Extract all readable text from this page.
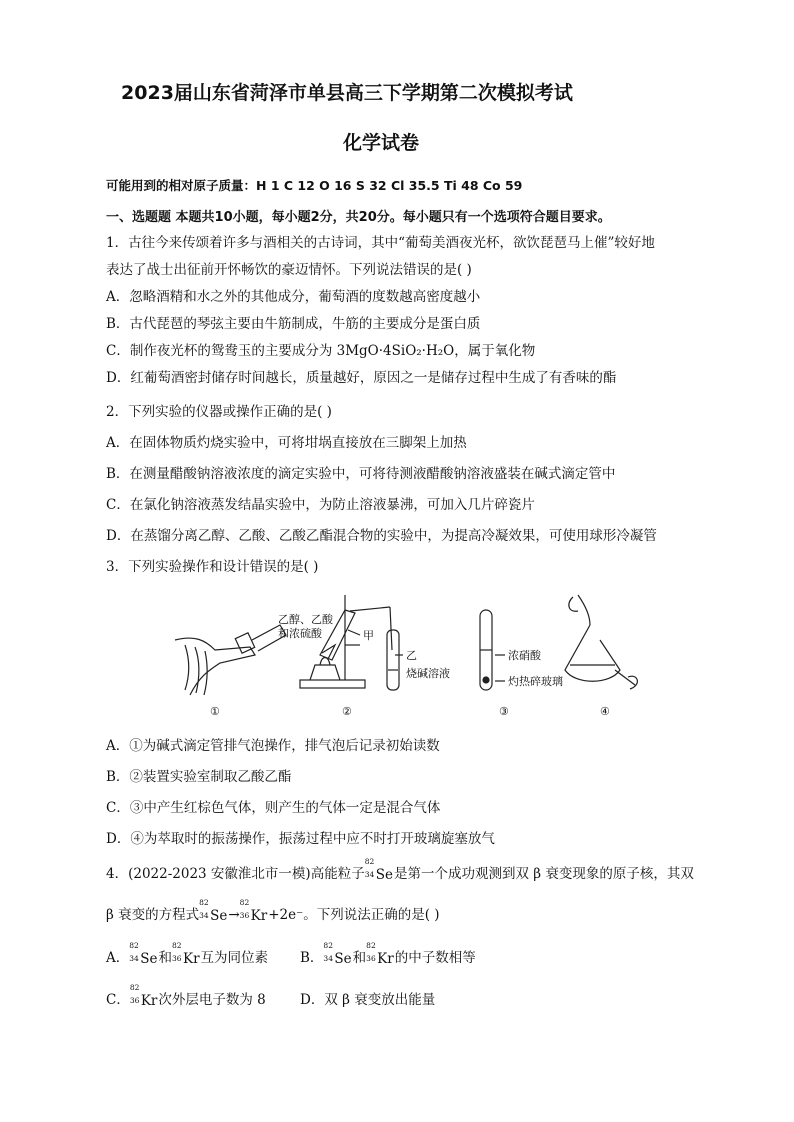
2023届山东省菏泽市单县高三下学期第二次模拟考试
化学试卷
可能用到的相对原子质量：H 1 C 12 O 16 S 32 Cl 35.5 Ti 48 Co 59
一、选题题 本题共10小题，每小题2分，共20分。每小题只有一个选项符合题目要求。
1．古往今来传颂着许多与酒相关的古诗词，其中“葡萄美酒夜光杯，欲饮琵琶马上催”较好地
表达了战士出征前开怀畅饮的豪迈情怀。下列说法错误的是( )
A．忽略酒精和水之外的其他成分，葡萄酒的度数越高密度越小
B．古代琵琶的琴弦主要由牛筋制成，牛筋的主要成分是蛋白质
C．制作夜光杯的鸳鸯玉的主要成分为 3MgO·4SiO₂·H₂O，属于氧化物
D．红葡萄酒密封储存时间越长，质量越好，原因之一是储存过程中生成了有香味的酯
2．下列实验的仪器或操作正确的是( )
A．在固体物质灼烧实验中，可将坩埚直接放在三脚架上加热
B．在测量醋酸钠溶液浓度的滴定实验中，可将待测液醋酸钠溶液盛装在碱式滴定管中
C．在氯化钠溶液蒸发结晶实验中，为防止溶液暴沸，可加入几片碎瓷片
D．在蒸馏分离乙醇、乙酸、乙酸乙酯混合物的实验中，为提高冷凝效果，可使用球形冷凝管
3．下列实验操作和设计错误的是( )
乙醇、乙酸
和浓硫酸	甲
乙
烧碱溶液
浓硝酸
灼热碎玻璃
①	②	③	④
A．①为碱式滴定管排气泡操作，排气泡后记录初始读数
B．②装置实验室制取乙酸乙酯
C．③中产生红棕色气体，则产生的气体一定是混合气体
D．④为萃取时的振荡操作，振荡过程中应不时打开玻璃旋塞放气
4．(2022-2023 安徽淮北市一模)高能粒子
82
34 Se是第一个成功观测到双 β 衰变现象的原子核，其双
β 衰变的方程式
82
34 Se→
82
36 Kr+2e⁻。下列说法正确的是( )
A．
82
34 Se和
82
36 Kr互为同位素 B．
82
34 Se和
82
36 Kr的中子数相等
C．
82
36 Kr次外层电子数为 8	D．双 β 衰变放出能量
